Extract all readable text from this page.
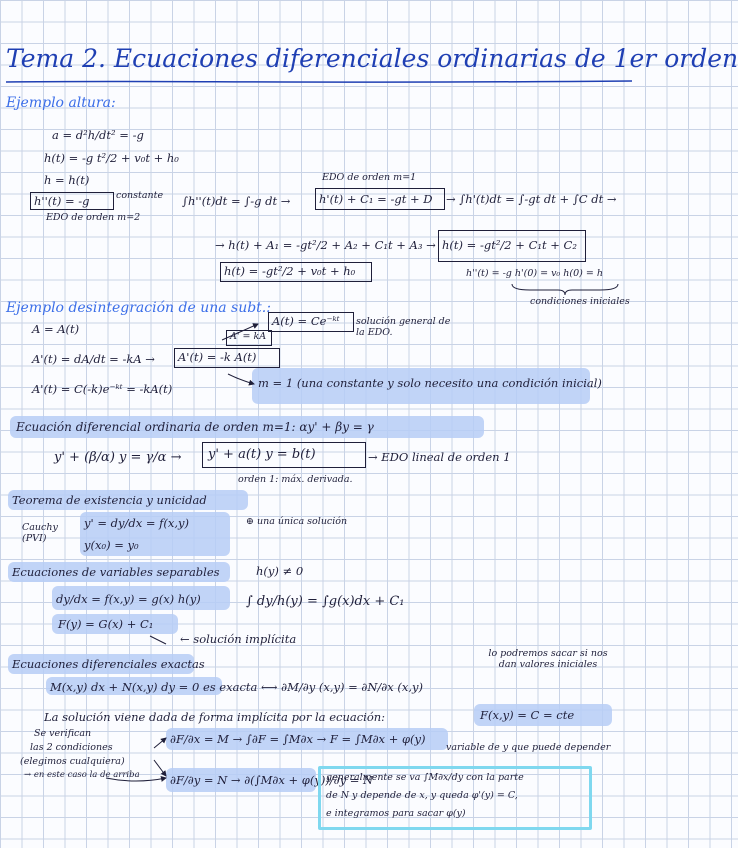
Tema 2. Ecuaciones diferenciales ordinarias de 1er orden
Ejemplo altura:
a = d²h/dt² = -g
h(t) = -g t²/2 + v₀t + h₀
h = h(t)
h''(t) = -g	constante ∫h''(t)dt = ∫-g dt →
EDO de orden m=1
h'(t) + C₁ = -gt + D → ∫h'(t)dt = ∫-gt dt + ∫C dt →
EDO de orden m=2
→ h(t) + A₁ = -gt²/2 + A₂ + C₁t + A₃ → h(t) = -gt²/2 + C₁t + C₂
h(t) = -gt²/2 + v₀t + h₀	h''(t) = -g h'(0) = v₀ h(0) = h
condiciones iniciales
Ejemplo desintegración de una subt.:
A = A(t)
A(t) = Ce⁻ᵏᵗ solución general de la EDO.
A' = kA
A'(t) = dA/dt = -kA → A'(t) = -k A(t)
A'(t) = C(-k)e⁻ᵏᵗ = -kA(t)	m = 1 (una constante y solo necesito una condición inicial)
Ecuación diferencial ordinaria de orden m=1: αy' + βy = γ
y' + (β/α) y = γ/α → y' + a(t) y = b(t)	→ EDO lineal de orden 1
orden 1: máx. derivada.
Teorema de existencia y unicidad
Cauchy (PVI)
y' = dy/dx = f(x,y)
y(x₀) = y₀
⊕ una única solución
Ecuaciones de variables separables	h(y) ≠ 0
dy/dx = f(x,y) = g(x) h(y)	∫ dy/h(y) = ∫g(x)dx + C₁
F(y) = G(x) + C₁
← solución implícita
Ecuaciones diferenciales exactas
lo podremos sacar si nos dan valores iniciales
M(x,y) dx + N(x,y) dy = 0 es exacta ⟷ ∂M/∂y (x,y) = ∂N/∂x (x,y)
La solución viene dada de forma implícita por la ecuación:	F(x,y) = C = cte
Se verifican
las 2 condiciones
(elegimos cualquiera)
→ en este caso la de arriba
∂F/∂x = M → ∫∂F = ∫M∂x → F = ∫M∂x + φ(y)
variable de y que puede depender
∂F/∂y = N → ∂(∫M∂x + φ(y))/∂y = N
generalmente se va ∫M∂x/dy con la parte
de N y depende de x, y queda φ'(y) = C,
e integramos para sacar φ(y)
